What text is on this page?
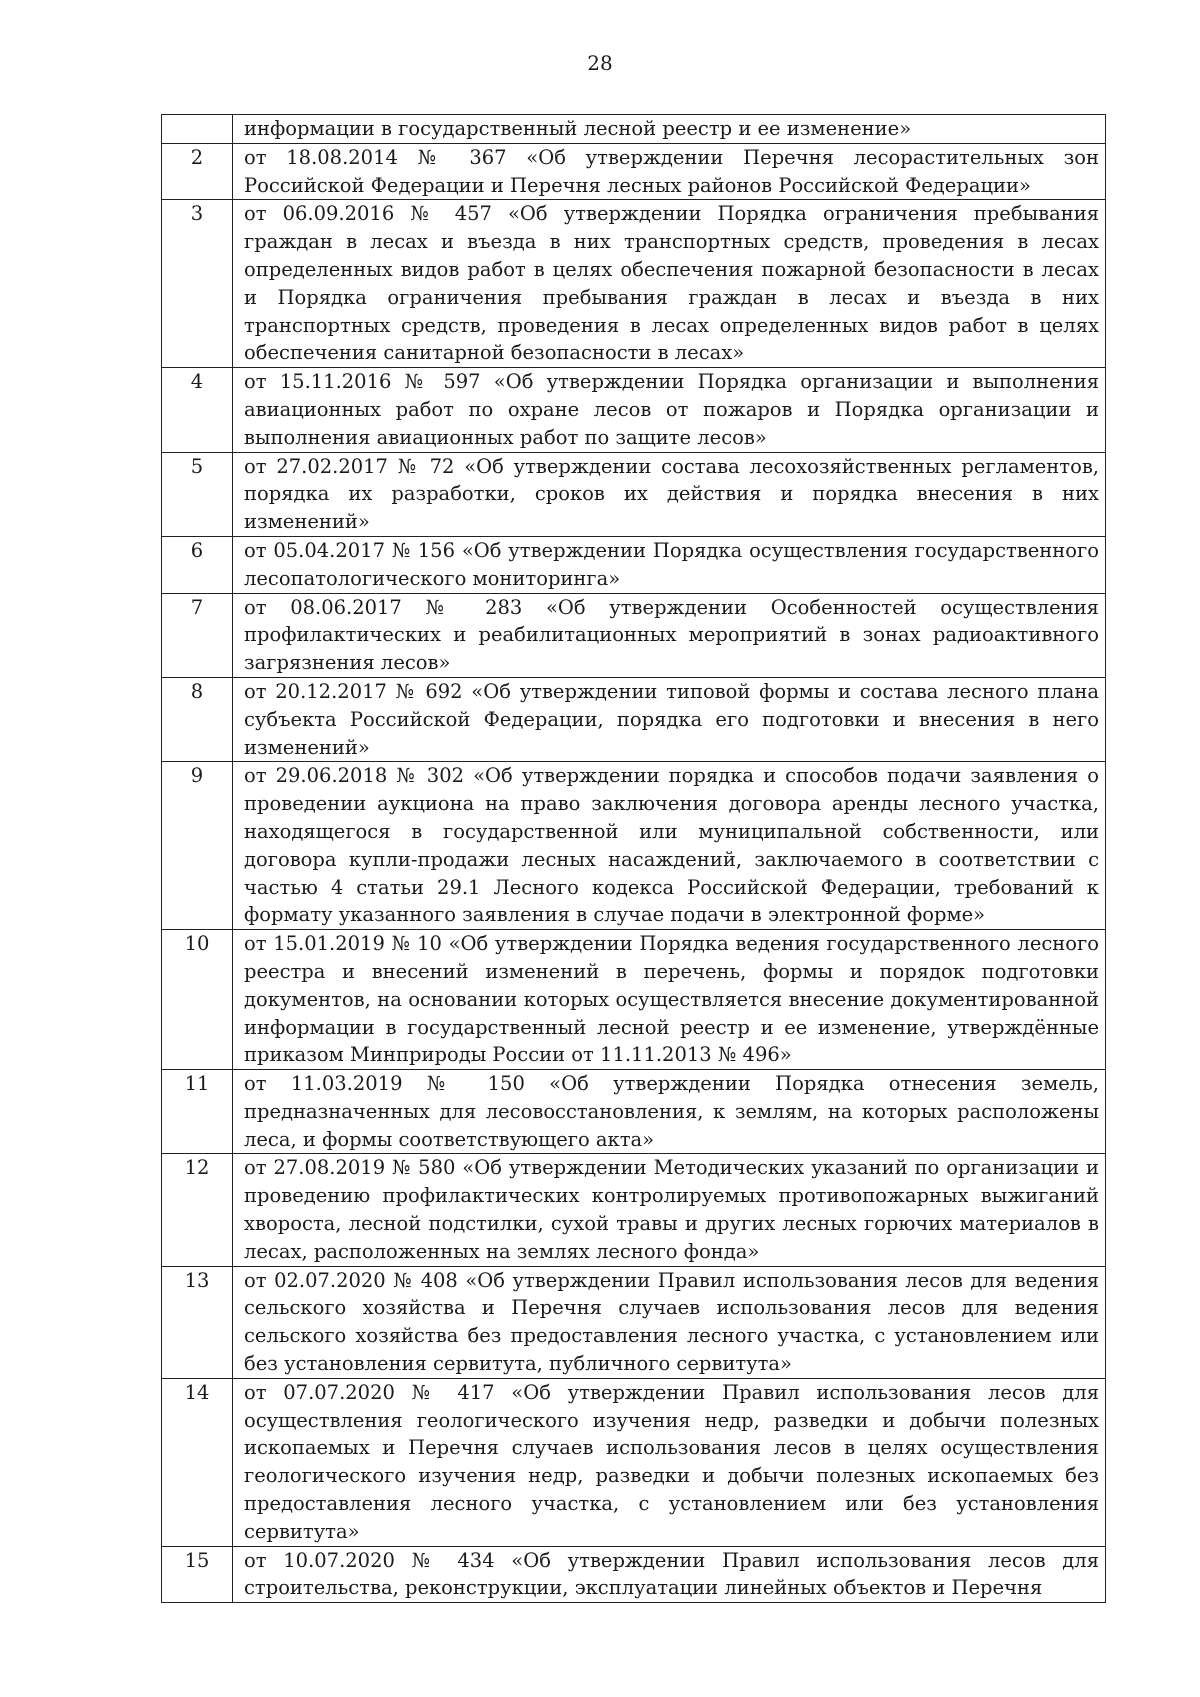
28
	информации в государственный лесной реестр и ее изменение»
2	от 18.08.2014 № 367 «Об утверждении Перечня лесорастительных зон Российской Федерации и Перечня лесных районов Российской Федерации»
3	от 06.09.2016 № 457 «Об утверждении Порядка ограничения пребывания граждан в лесах и въезда в них транспортных средств, проведения в лесах определенных видов работ в целях обеспечения пожарной безопасности в лесах и Порядка ограничения пребывания граждан в лесах и въезда в них транспортных средств, проведения в лесах определенных видов работ в целях обеспечения санитарной безопасности в лесах»
4	от 15.11.2016 № 597 «Об утверждении Порядка организации и выполнения авиационных работ по охране лесов от пожаров и Порядка организации и выполнения авиационных работ по защите лесов»
5	от 27.02.2017 № 72 «Об утверждении состава лесохозяйственных регламентов, порядка их разработки, сроков их действия и порядка внесения в них изменений»
6	от 05.04.2017 № 156 «Об утверждении Порядка осуществления государственного лесопатологического мониторинга»
7	от 08.06.2017 № 283 «Об утверждении Особенностей осуществления профилактических и реабилитационных мероприятий в зонах радиоактивного загрязнения лесов»
8	от 20.12.2017 № 692 «Об утверждении типовой формы и состава лесного плана субъекта Российской Федерации, порядка его подготовки и внесения в него изменений»
9	от 29.06.2018 № 302 «Об утверждении порядка и способов подачи заявления о проведении аукциона на право заключения договора аренды лесного участка, находящегося в государственной или муниципальной собственности, или договора купли-продажи лесных насаждений, заключаемого в соответствии с частью 4 статьи 29.1 Лесного кодекса Российской Федерации, требований к формату указанного заявления в случае подачи в электронной форме»
10	от 15.01.2019 № 10 «Об утверждении Порядка ведения государственного лесного реестра и внесений изменений в перечень, формы и порядок подготовки документов, на основании которых осуществляется внесение документированной информации в государственный лесной реестр и ее изменение, утверждённые приказом Минприроды России от 11.11.2013 № 496»
11	от 11.03.2019 № 150 «Об утверждении Порядка отнесения земель, предназначенных для лесовосстановления, к землям, на которых расположены леса, и формы соответствующего акта»
12	от 27.08.2019 № 580 «Об утверждении Методических указаний по организации и проведению профилактических контролируемых противопожарных выжиганий хвороста, лесной подстилки, сухой травы и других лесных горючих материалов в лесах, расположенных на землях лесного фонда»
13	от 02.07.2020 № 408 «Об утверждении Правил использования лесов для ведения сельского хозяйства и Перечня случаев использования лесов для ведения сельского хозяйства без предоставления лесного участка, с установлением или без установления сервитута, публичного сервитута»
14	от 07.07.2020 № 417 «Об утверждении Правил использования лесов для осуществления геологического изучения недр, разведки и добычи полезных ископаемых и Перечня случаев использования лесов в целях осуществления геологического изучения недр, разведки и добычи полезных ископаемых без предоставления лесного участка, с установлением или без установления сервитута»
15	от 10.07.2020 № 434 «Об утверждении Правил использования лесов для строительства, реконструкции, эксплуатации линейных объектов и Перечня
